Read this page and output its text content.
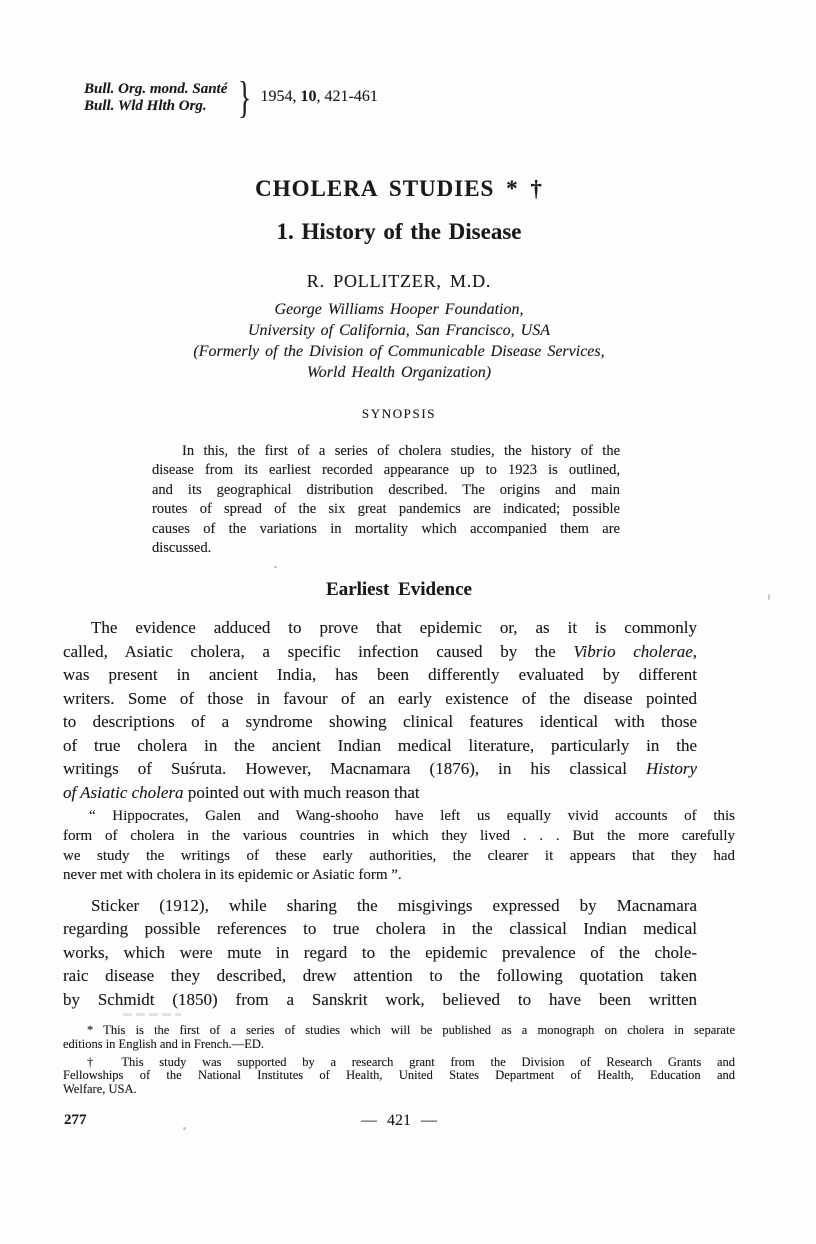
Bull. Org. mond. Santé
Bull. Wld Hlth Org. } 1954, 10, 421-461
CHOLERA STUDIES * †
1. History of the Disease
R. POLLITZER, M.D.
George Williams Hooper Foundation,
University of California, San Francisco, USA
(Formerly of the Division of Communicable Disease Services,
World Health Organization)
SYNOPSIS
In this, the first of a series of cholera studies, the history of the
disease from its earliest recorded appearance up to 1923 is outlined,
and its geographical distribution described. The origins and main
routes of spread of the six great pandemics are indicated; possible
causes of the variations in mortality which accompanied them are
discussed.
Earliest Evidence
The evidence adduced to prove that epidemic or, as it is commonly
called, Asiatic cholera, a specific infection caused by the Vibrio cholerae,
was present in ancient India, has been differently evaluated by different
writers. Some of those in favour of an early existence of the disease pointed
to descriptions of a syndrome showing clinical features identical with those
of true cholera in the ancient Indian medical literature, particularly in the
writings of Suśruta. However, Macnamara (1876), in his classical History
of Asiatic cholera pointed out with much reason that
“ Hippocrates, Galen and Wang-shooho have left us equally vivid accounts of this
form of cholera in the various countries in which they lived . . . But the more carefully
we study the writings of these early authorities, the clearer it appears that they had
never met with cholera in its epidemic or Asiatic form ”.
Sticker (1912), while sharing the misgivings expressed by Macnamara
regarding possible references to true cholera in the classical Indian medical
works, which were mute in regard to the epidemic prevalence of the chole-
raic disease they described, drew attention to the following quotation taken
by Schmidt (1850) from a Sanskrit work, believed to have been written
* This is the first of a series of studies which will be published as a monograph on cholera in separate
editions in English and in French.—ED.
† This study was supported by a research grant from the Division of Research Grants and
Fellowships of the National Institutes of Health, United States Department of Health, Education and
Welfare, USA.
277	— 421 —
